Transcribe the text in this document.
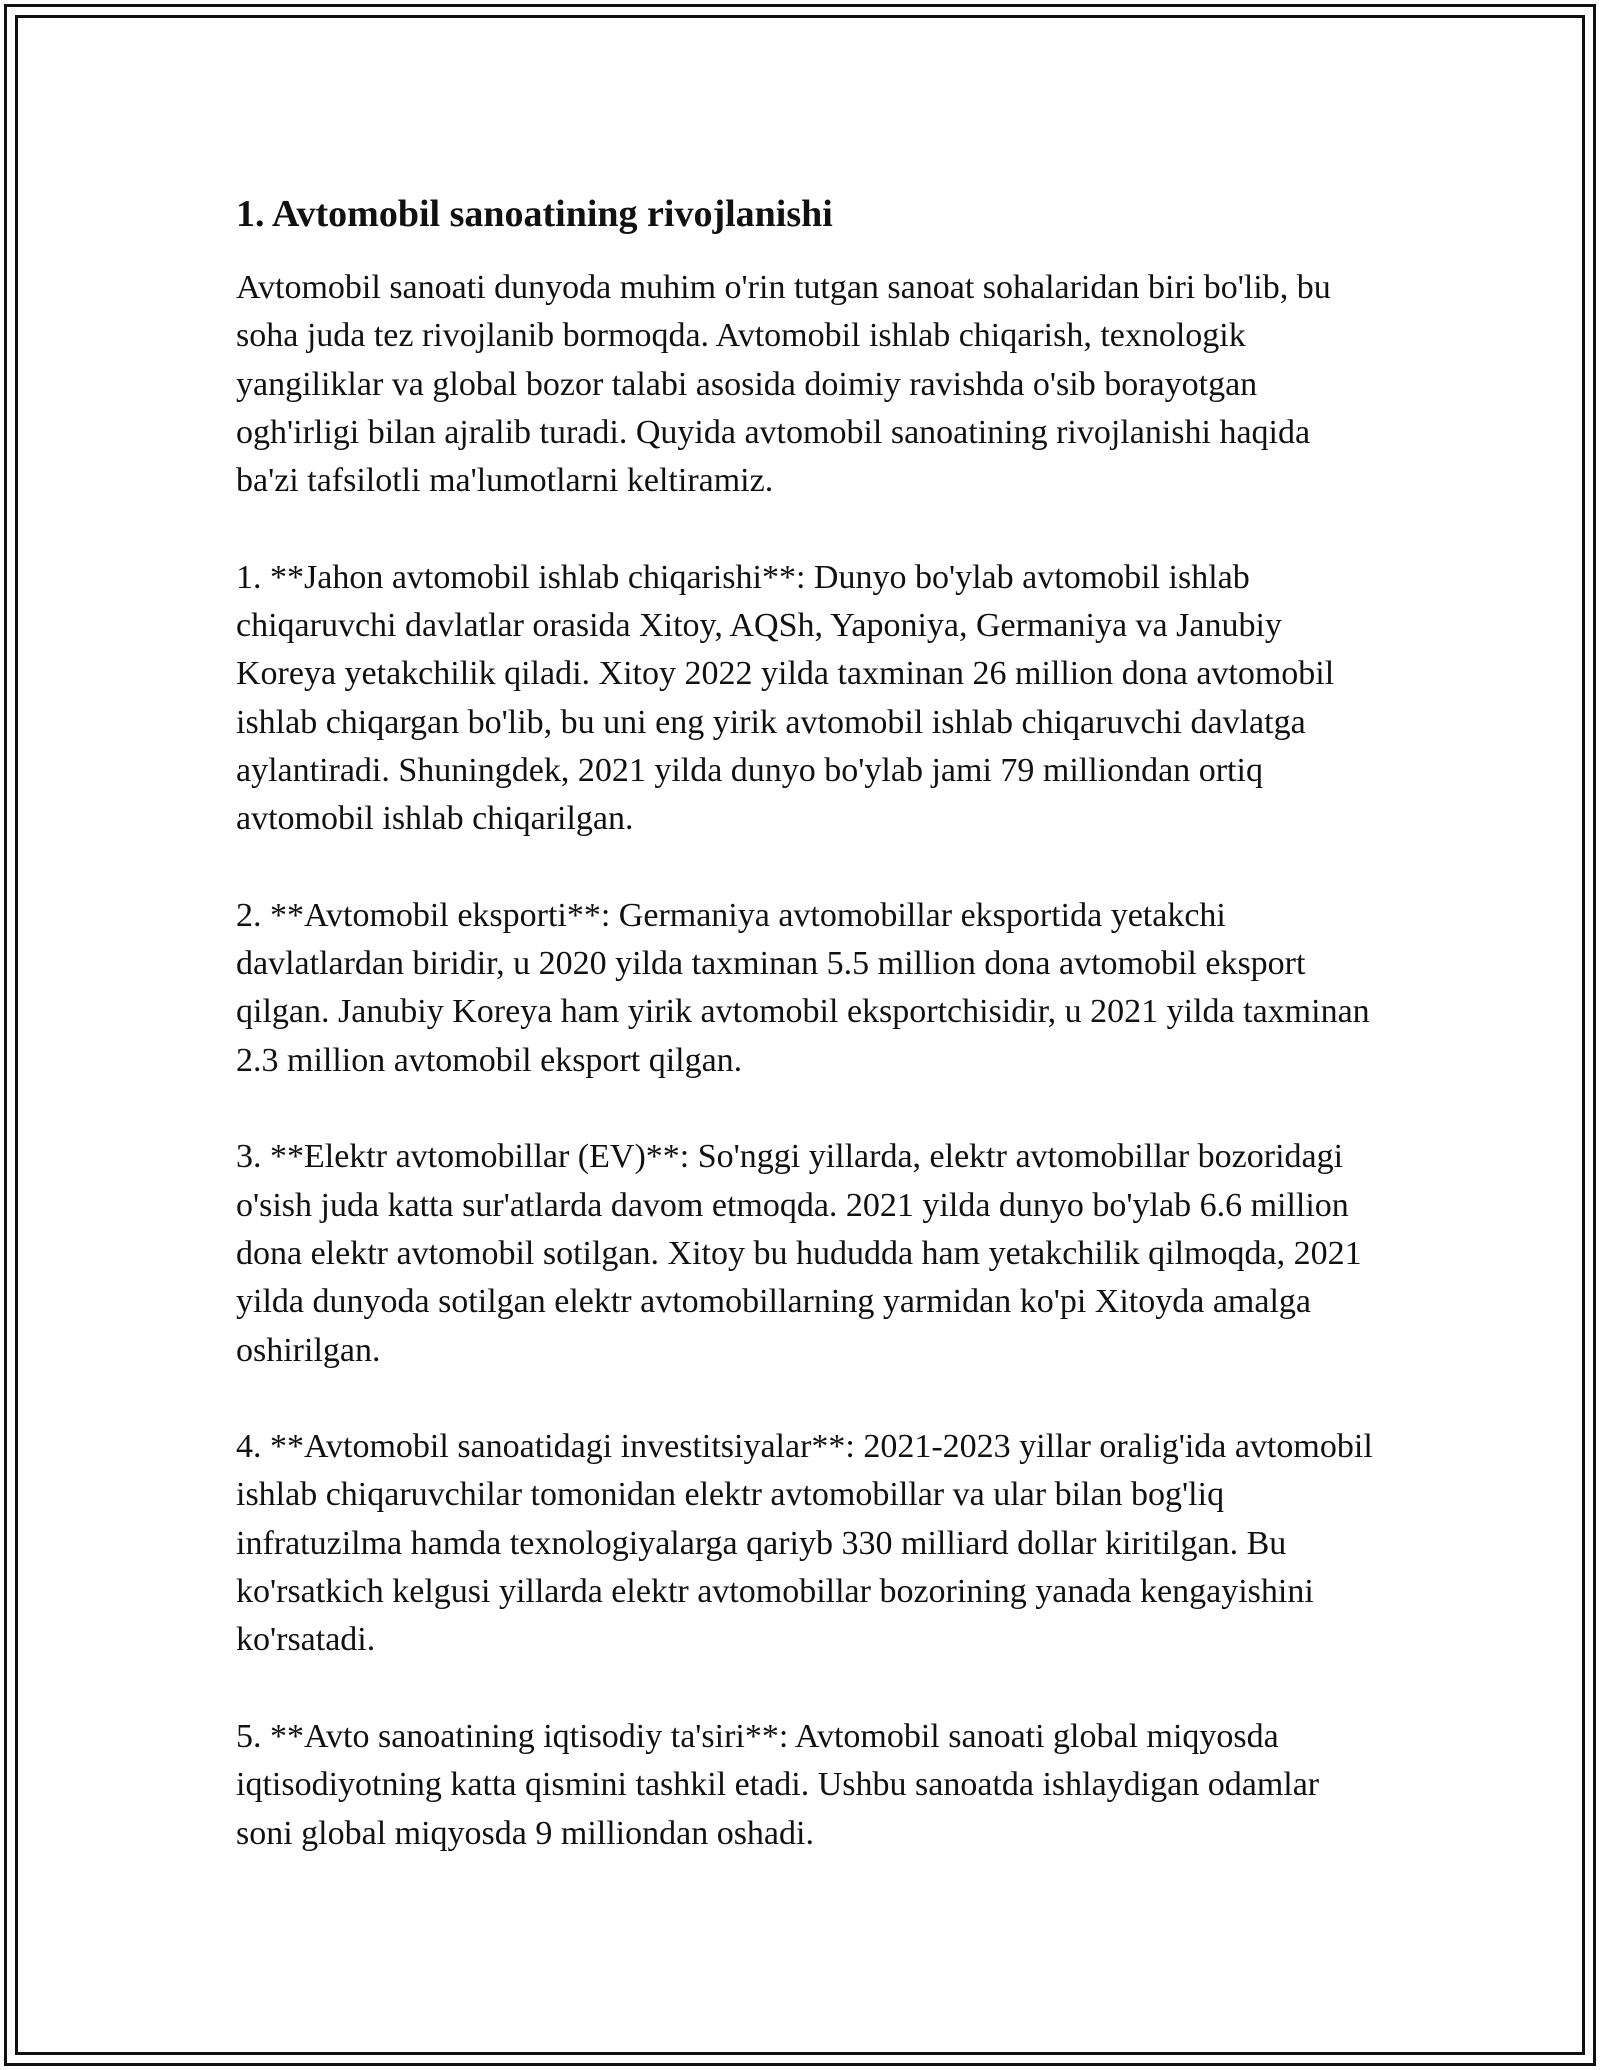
1. Avtomobil sanoatining rivojlanishi

Avtomobil sanoati dunyoda muhim o'rin tutgan sanoat sohalaridan biri bo'lib, bu soha juda tez rivojlanib bormoqda. Avtomobil ishlab chiqarish, texnologik yangiliklar va global bozor talabi asosida doimiy ravishda o'sib borayotgan ogh'irligi bilan ajralib turadi. Quyida avtomobil sanoatining rivojlanishi haqida ba'zi tafsilotli ma'lumotlarni keltiramiz.

1. **Jahon avtomobil ishlab chiqarishi**: Dunyo bo'ylab avtomobil ishlab chiqaruvchi davlatlar orasida Xitoy, AQSh, Yaponiya, Germaniya va Janubiy Koreya yetakchilik qiladi. Xitoy 2022 yilda taxminan 26 million dona avtomobil ishlab chiqargan bo'lib, bu uni eng yirik avtomobil ishlab chiqaruvchi davlatga aylantiradi. Shuningdek, 2021 yilda dunyo bo'ylab jami 79 milliondan ortiq avtomobil ishlab chiqarilgan.

2. **Avtomobil eksporti**: Germaniya avtomobillar eksportida yetakchi davlatlardan biridir, u 2020 yilda taxminan 5.5 million dona avtomobil eksport qilgan. Janubiy Koreya ham yirik avtomobil eksportchisidir, u 2021 yilda taxminan 2.3 million avtomobil eksport qilgan.

3. **Elektr avtomobillar (EV)**: So'nggi yillarda, elektr avtomobillar bozoridagi o'sish juda katta sur'atlarda davom etmoqda. 2021 yilda dunyo bo'ylab 6.6 million dona elektr avtomobil sotilgan. Xitoy bu hududda ham yetakchilik qilmoqda, 2021 yilda dunyoda sotilgan elektr avtomobillarning yarmidan ko'pi Xitoyda amalga oshirilgan.

4. **Avtomobil sanoatidagi investitsiyalar**: 2021-2023 yillar oralig'ida avtomobil ishlab chiqaruvchilar tomonidan elektr avtomobillar va ular bilan bog'liq infratuzilma hamda texnologiyalarga qariyb 330 milliard dollar kiritilgan. Bu ko'rsatkich kelgusi yillarda elektr avtomobillar bozorining yanada kengayishini ko'rsatadi.

5. **Avto sanoatining iqtisodiy ta'siri**: Avtomobil sanoati global miqyosda iqtisodiyotning katta qismini tashkil etadi. Ushbu sanoatda ishlaydigan odamlar soni global miqyosda 9 milliondan oshadi.
